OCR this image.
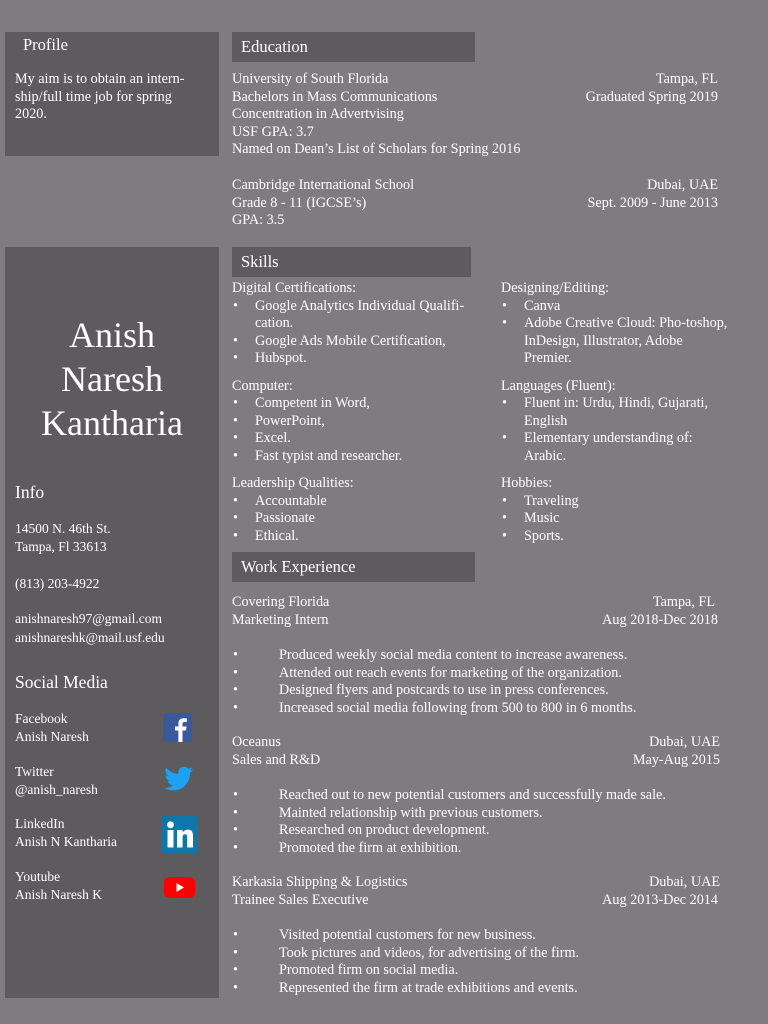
Profile
My aim is to obtain an intern-
ship/full time job for spring
2020.
Anish
Naresh
Kantharia
Info
14500 N. 46th St.
Tampa, Fl 33613
(813) 203-4922
anishnaresh97@gmail.com
anishnareshk@mail.usf.edu
Social Media
Facebook
Anish Naresh
Twitter
@anish_naresh
LinkedIn
Anish N Kantharia
Youtube
Anish Naresh K
Education
University of South Florida	Tampa, FL
Bachelors in Mass Communications	Graduated Spring 2019
Concentration in Advertvising
USF GPA: 3.7
Named on Dean’s List of Scholars for Spring 2016
Cambridge International School	Dubai, UAE
Grade 8 - 11 (IGCSE’s)	Sept. 2009 - June 2013
GPA: 3.5
Skills
Digital Certifications:
• Google Analytics Individual Qualifi-cation.
• Google Ads Mobile Certification,
• Hubspot.
Computer:
• Competent in Word,
• PowerPoint,
• Excel.
• Fast typist and researcher.
Leadership Qualities:
• Accountable
• Passionate
• Ethical.
Designing/Editing:
• Canva
• Adobe Creative Cloud: Pho-toshop, InDesign, Illustrator, Adobe Premier.
Languages (Fluent):
• Fluent in: Urdu, Hindi, Gujarati, English
• Elementary understanding of: Arabic.
Hobbies:
• Traveling
• Music
• Sports.
Work Experience
Covering Florida	Tampa, FL
Marketing Intern	Aug 2018-Dec 2018
• Produced weekly social media content to increase awareness.
• Attended out reach events for marketing of the organization.
• Designed flyers and postcards to use in press conferences.
• Increased social media following from 500 to 800 in 6 months.
Oceanus	Dubai, UAE
Sales and R&D	May-Aug 2015
• Reached out to new potential customers and successfully made sale.
• Mainted relationship with previous customers.
• Researched on product development.
• Promoted the firm at exhibition.
Karkasia Shipping & Logistics	Dubai, UAE
Trainee Sales Executive	Aug 2013-Dec 2014
• Visited potential customers for new business.
• Took pictures and videos, for advertising of the firm.
• Promoted firm on social media.
• Represented the firm at trade exhibitions and events.
